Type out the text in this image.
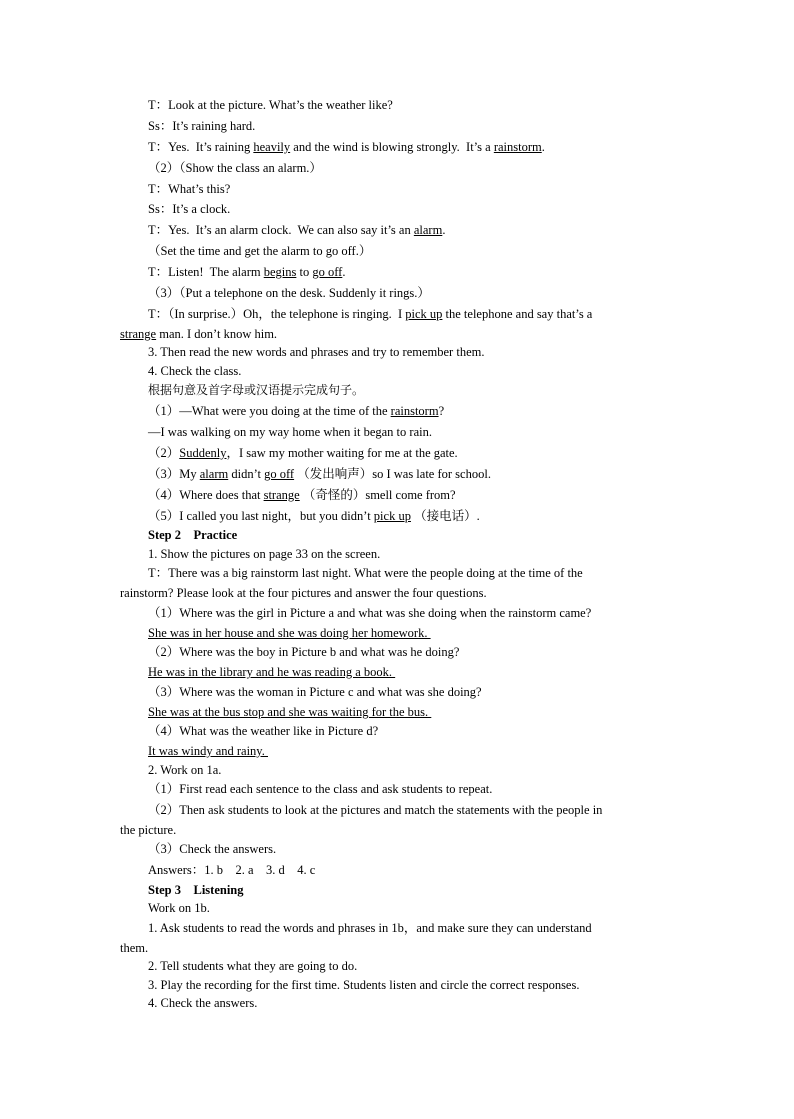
T：Look at the picture. What’s the weather like?
Ss：It’s raining hard.
T：Yes.  It’s raining heavily and the wind is blowing strongly.  It’s a rainstorm.
（2）（Show the class an alarm.）
T：What’s this?
Ss：It’s a clock.
T：Yes.  It’s an alarm clock.  We can also say it’s an alarm.
（Set the time and get the alarm to go off.）
T：Listen!  The alarm begins to go off.
（3）（Put a telephone on the desk. Suddenly it rings.）
T：（In surprise.）Oh，the telephone is ringing.  I pick up the telephone and say that’s a
strange man. I don’t know him.
3. Then read the new words and phrases and try to remember them.
4. Check the class.
根据句意及首字母或汉语提示完成句子。
（1）—What were you doing at the time of the rainstorm?
—I was walking on my way home when it began to rain.
（2）Suddenly，I saw my mother waiting for me at the gate.
（3）My alarm didn’t go off （发出响声）so I was late for school.
（4）Where does that strange （奇怪的）smell come from?
（5）I called you last night，but you didn’t pick up （接电话）.
Step 2    Practice
1. Show the pictures on page 33 on the screen.
T：There was a big rainstorm last night. What were the people doing at the time of the
rainstorm? Please look at the four pictures and answer the four questions.
（1）Where was the girl in Picture a and what was she doing when the rainstorm came?
She was in her house and she was doing her homework.
（2）Where was the boy in Picture b and what was he doing?
He was in the library and he was reading a book.
（3）Where was the woman in Picture c and what was she doing?
She was at the bus stop and she was waiting for the bus.
（4）What was the weather like in Picture d?
It was windy and rainy.
2. Work on 1a.
（1）First read each sentence to the class and ask students to repeat.
（2）Then ask students to look at the pictures and match the statements with the people in
the picture.
（3）Check the answers.
Answers：1. b    2. a    3. d    4. c
Step 3    Listening
Work on 1b.
1. Ask students to read the words and phrases in 1b，and make sure they can understand
them.
2. Tell students what they are going to do.
3. Play the recording for the first time. Students listen and circle the correct responses.
4. Check the answers.
